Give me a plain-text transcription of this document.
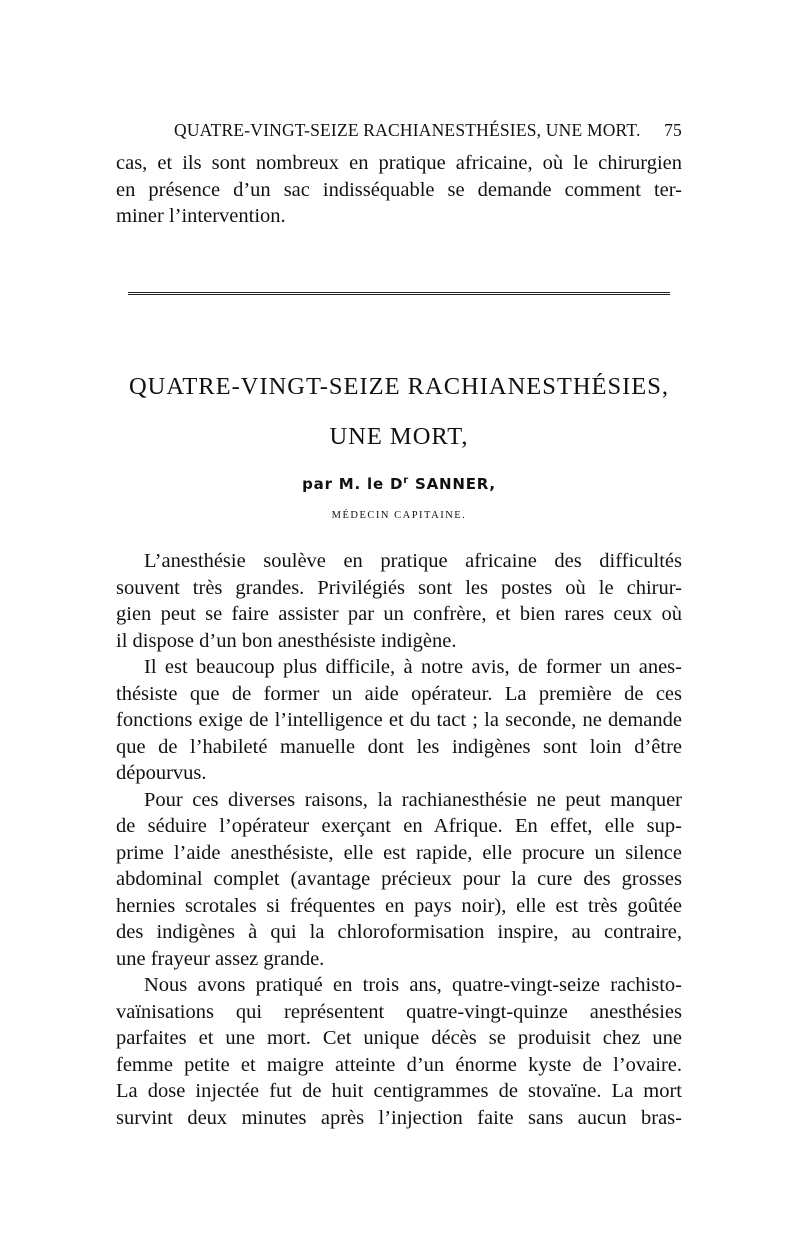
QUATRE-VINGT-SEIZE RACHIANESTHÉSIES, UNE MORT. 75

cas, et ils sont nombreux en pratique africaine, où le chirurgien

en présence d’un sac indisséquable se demande comment ter-

miner l’intervention.

QUATRE-VINGT-SEIZE RACHIANESTHÉSIES,
UNE MORT,
par M. le $D^r$ SANNER,
MÉDECIN CAPITAINE.

L’anesthésie soulève en pratique africaine des difficultés

souvent très grandes. Privilégiés sont les postes où le chirur-

gien peut se faire assister par un confrère, et bien rares ceux où

il dispose d’un bon anesthésiste indigène.

Il est beaucoup plus difficile, à notre avis, de former un anes-

thésiste que de former un aide opérateur. La première de ces

fonctions exige de l’intelligence et du tact ; la seconde, ne demande

que de l’habileté manuelle dont les indigènes sont loin d’être

dépourvus.

Pour ces diverses raisons, la rachianesthésie ne peut manquer

de séduire l’opérateur exerçant en Afrique. En effet, elle sup-

prime l’aide anesthésiste, elle est rapide, elle procure un silence

abdominal complet (avantage précieux pour la cure des grosses

hernies scrotales si fréquentes en pays noir), elle est très goûtée

des indigènes à qui la chloroformisation inspire, au contraire,

une frayeur assez grande.

Nous avons pratiqué en trois ans, quatre-vingt-seize rachisto-

vaïnisations qui représentent quatre-vingt-quinze anesthésies

parfaites et une mort. Cet unique décès se produisit chez une

femme petite et maigre atteinte d’un énorme kyste de l’ovaire.

La dose injectée fut de huit centigrammes de stovaïne. La mort

survint deux minutes après l’injection faite sans aucun bras-
